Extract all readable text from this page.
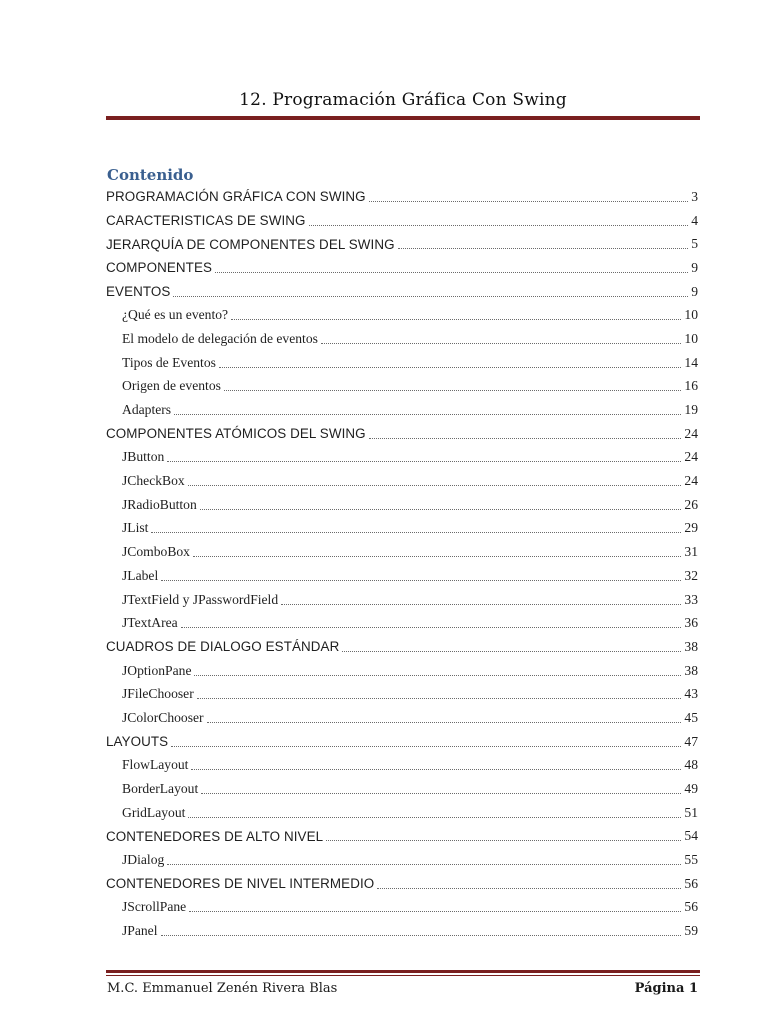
12. Programación Gráfica Con Swing
Contenido
PROGRAMACIÓN GRÁFICA CON SWING	3
CARACTERISTICAS DE SWING	4
JERARQUÍA DE COMPONENTES DEL SWING	5
COMPONENTES	9
EVENTOS	9
¿Qué es un evento?	10
El modelo de delegación de eventos	10
Tipos de Eventos	14
Origen de eventos	16
Adapters	19
COMPONENTES ATÓMICOS DEL SWING	24
JButton	24
JCheckBox	24
JRadioButton	26
JList	29
JComboBox	31
JLabel	32
JTextField y JPasswordField	33
JTextArea	36
CUADROS DE DIALOGO ESTÁNDAR	38
JOptionPane	38
JFileChooser	43
JColorChooser	45
LAYOUTS	47
FlowLayout	48
BorderLayout	49
GridLayout	51
CONTENEDORES DE ALTO NIVEL	54
JDialog	55
CONTENEDORES DE NIVEL INTERMEDIO	56
JScrollPane	56
JPanel	59
M.C. Emmanuel Zenén Rivera Blas	Página 1
